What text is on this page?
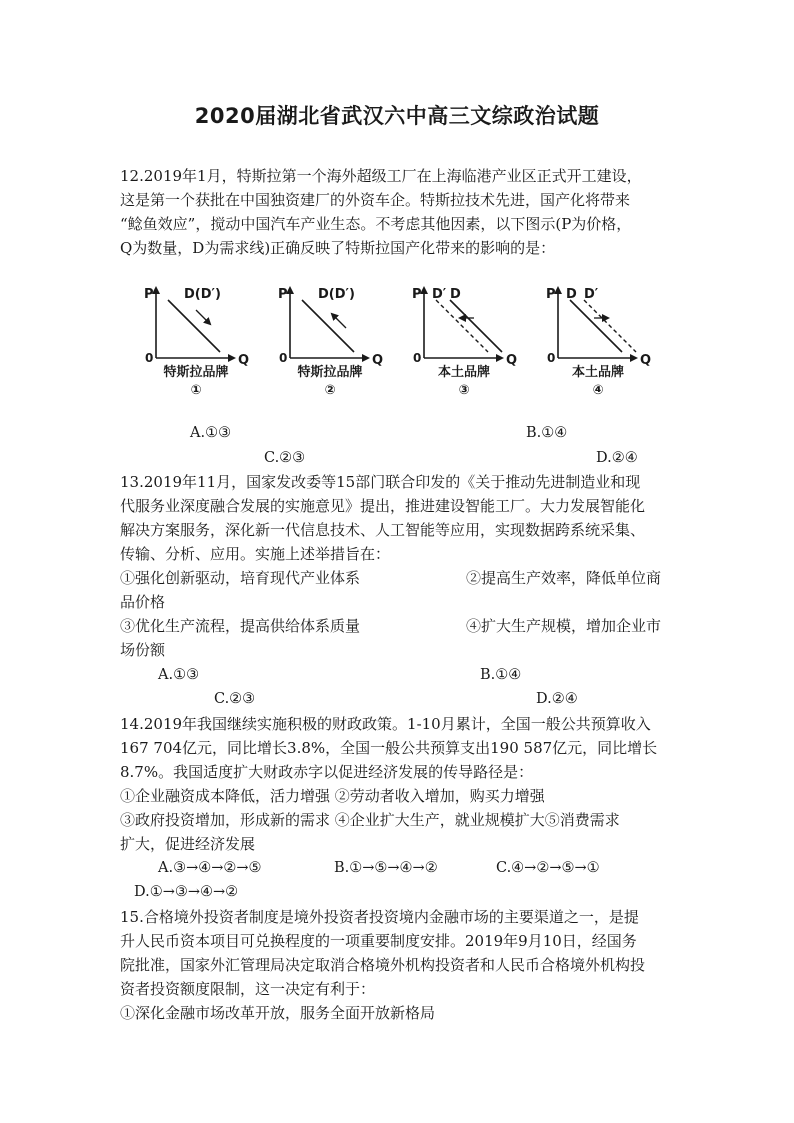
2020届湖北省武汉六中高三文综政治试题
12.2019年1月，特斯拉第一个海外超级工厂在上海临港产业区正式开工建设，
这是第一个获批在中国独资建厂的外资车企。特斯拉技术先进，国产化将带来
“鲶鱼效应”，搅动中国汽车产业生态。不考虑其他因素，以下图示(P为价格，
Q为数量，D为需求线)正确反映了特斯拉国产化带来的影响的是：
P
Q
0
D(D′)
特斯拉品牌
①
P
Q
0
D(D′)
特斯拉品牌
②
P
Q
0
D′ D
本土品牌
③
P
Q
0
D D′
本土品牌
④
A.①③	B.①④
C.②③	D.②④
13.2019年11月，国家发改委等15部门联合印发的《关于推动先进制造业和现
代服务业深度融合发展的实施意见》提出，推进建设智能工厂。大力发展智能化
解决方案服务，深化新一代信息技术、人工智能等应用，实现数据跨系统采集、
传输、分析、应用。实施上述举措旨在：
①强化创新驱动，培育现代产业体系	②提高生产效率，降低单位商
品价格
③优化生产流程，提高供给体系质量	④扩大生产规模，增加企业市
场份额
A.①③	B.①④
C.②③	D.②④
14.2019年我国继续实施积极的财政政策。1-10月累计，全国一般公共预算收入
167 704亿元，同比增长3.8%，全国一般公共预算支出190 587亿元，同比增长
8.7%。我国适度扩大财政赤字以促进经济发展的传导路径是：
①企业融资成本降低，活力增强 ②劳动者收入增加，购买力增强
③政府投资增加，形成新的需求 ④企业扩大生产，就业规模扩大⑤消费需求
扩大，促进经济发展
A.③→④→②→⑤	B.①→⑤→④→②	C.④→②→⑤→①
D.①→③→④→②
15.合格境外投资者制度是境外投资者投资境内金融市场的主要渠道之一，是提
升人民币资本项目可兑换程度的一项重要制度安排。2019年9月10日，经国务
院批准，国家外汇管理局决定取消合格境外机构投资者和人民币合格境外机构投
资者投资额度限制，这一决定有利于：
①深化金融市场改革开放，服务全面开放新格局
